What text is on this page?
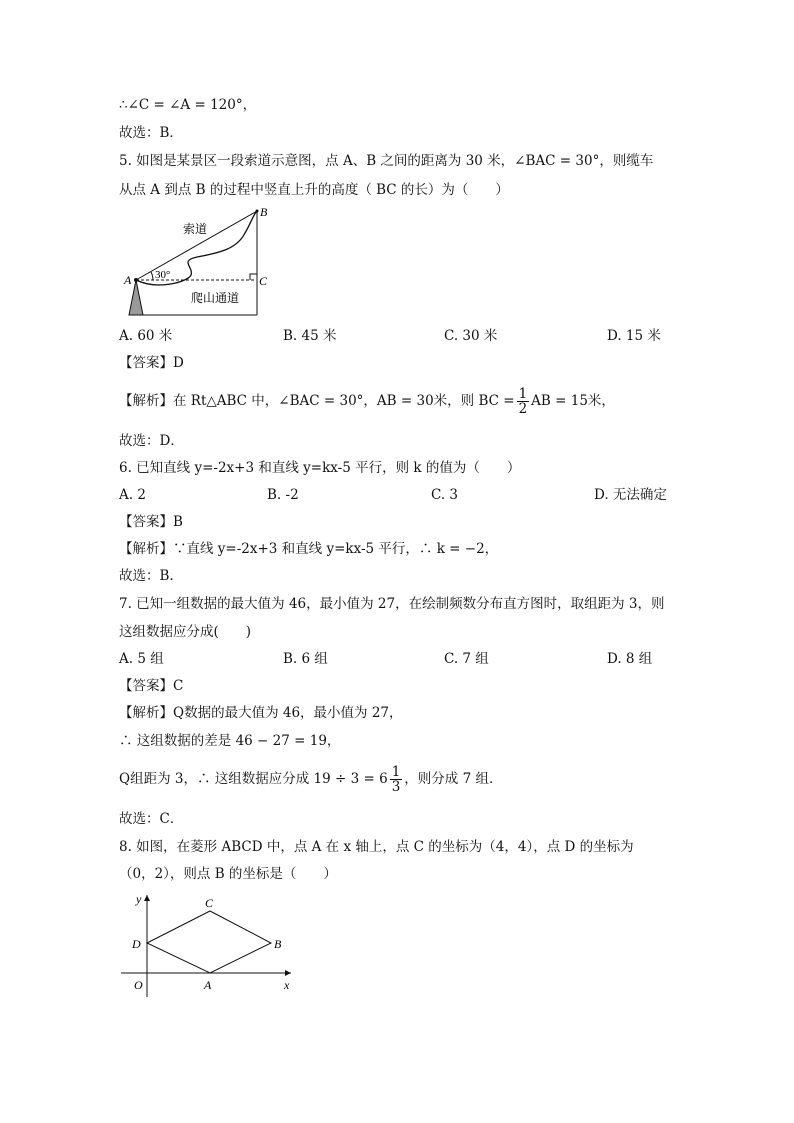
∴∠C = ∠A = 120°，
故选：B．
5. 如图是某景区一段索道示意图，点 A、B 之间的距离为 30 米，∠BAC = 30°，则缆车
从点 A 到点 B 的过程中竖直上升的高度（ BC 的长）为（　　）
B
A	C
30°
索道
爬山通道
A. 60 米	B. 45 米	C. 30 米	D. 15 米
【答案】D
【解析】在 Rt△ABC 中，∠BAC = 30°，AB = 30米，则 BC = $\frac{1}{2}$ AB = 15米，
故选：D．
6. 已知直线 y=-2x+3 和直线 y=kx-5 平行，则 k 的值为（　　）
A. 2	B. -2	C. 3	D. 无法确定
【答案】B
【解析】∵直线 y=-2x+3 和直线 y=kx-5 平行，∴ k = −2，
故选：B.
7. 已知一组数据的最大值为 46，最小值为 27，在绘制频数分布直方图时，取组距为 3，则
这组数据应分成(　　)
A. 5 组	B. 6 组	C. 7 组	D. 8 组
【答案】C
【解析】Q数据的最大值为 46，最小值为 27，
∴ 这组数据的差是 46 − 27 = 19，
Q组距为 3，∴ 这组数据应分成 $19 \div 3 = 6 \frac{1}{3}$ ，则分成 7 组．
故选：C．
8. 如图，在菱形 ABCD 中，点 A 在 x 轴上，点 C 的坐标为（4，4），点 D 的坐标为
（0，2），则点 B 的坐标是（　　）
y
x
O	A
B
C
D
